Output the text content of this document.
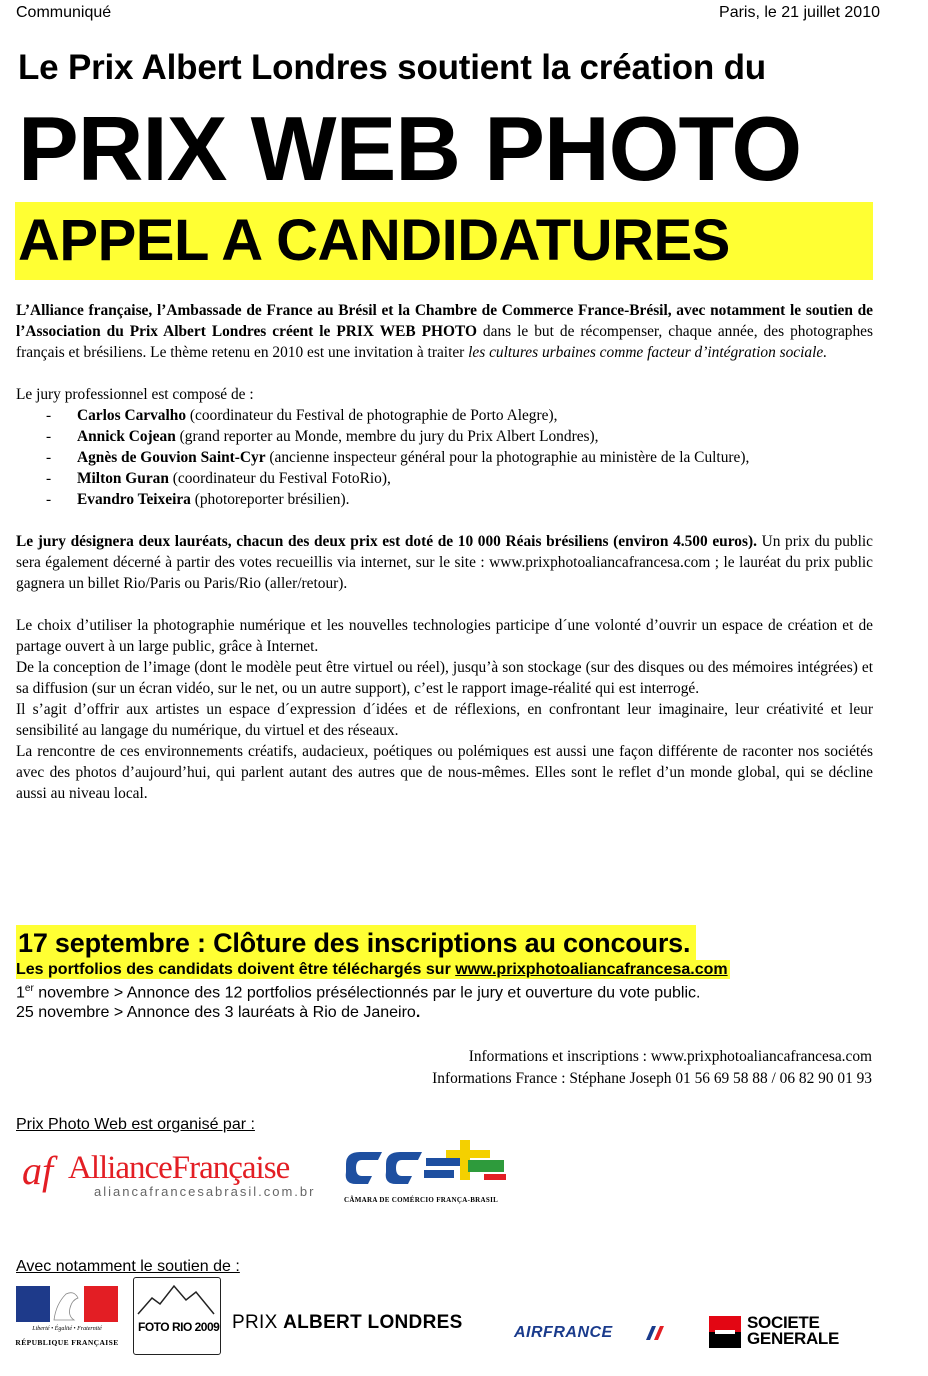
Communiqué	Paris, le 21 juillet 2010
Le Prix Albert Londres soutient la création du
PRIX WEB PHOTO
APPEL A CANDIDATURES

L’Alliance française, l’Ambassade de France au Brésil et la Chambre de Commerce France-Brésil, avec notamment le soutien de l’Association du Prix Albert Londres créent le PRIX WEB PHOTO dans le but de récompenser, chaque année, des photographes français et brésiliens. Le thème retenu en 2010 est une invitation à traiter les cultures urbaines comme facteur d’intégration sociale.

Le jury professionnel est composé de :

- Carlos Carvalho (coordinateur du Festival de photographie de Porto Alegre),
- Annick Cojean (grand reporter au Monde, membre du jury du Prix Albert Londres),
- Agnès de Gouvion Saint-Cyr (ancienne inspecteur général pour la photographie au ministère de la Culture),
- Milton Guran (coordinateur du Festival FotoRio),
- Evandro Teixeira (photoreporter brésilien).

Le jury désignera deux lauréats, chacun des deux prix est doté de 10 000 Réais brésiliens (environ 4.500 euros). Un prix du public sera également décerné à partir des votes recueillis via internet, sur le site : www.prixphotoaliancafrancesa.com ; le lauréat du prix public gagnera un billet Rio/Paris ou Paris/Rio (aller/retour).

Le choix d’utiliser la photographie numérique et les nouvelles technologies participe d´une volonté d’ouvrir un espace de création et de partage ouvert à un large public, grâce à Internet.

De la conception de l’image (dont le modèle peut être virtuel ou réel), jusqu’à son stockage (sur des disques ou des mémoires intégrées) et sa diffusion (sur un écran vidéo, sur le net, ou un autre support), c’est le rapport image-réalité qui est interrogé.

Il s’agit d’offrir aux artistes un espace d´expression d´idées et de réflexions, en confrontant leur imaginaire, leur créativité et leur sensibilité au langage du numérique, du virtuel et des réseaux.

La rencontre de ces environnements créatifs, audacieux, poétiques ou polémiques est aussi une façon différente de raconter nos sociétés avec des photos d’aujourd’hui, qui parlent autant des autres que de nous-mêmes. Elles sont le reflet d’un monde global, qui se décline aussi au niveau local.

17 septembre : Clôture des inscriptions au concours.
Les portfolios des candidats doivent être téléchargés sur www.prixphotoaliancafrancesa.com
1er novembre > Annonce des 12 portfolios présélectionnés par le jury et ouverture du vote public.
25 novembre > Annonce des 3 lauréats à Rio de Janeiro.
Informations et inscriptions : www.prixphotoaliancafrancesa.com
Informations France : Stéphane Joseph 01 56 69 58 88 / 06 82 90 01 93
Prix Photo Web est organisé par :
af AllianceFrançaise
aliancafrancesabrasil.com.br
CÂMARA DE COMÉRCIO FRANÇA-BRASIL
Avec notamment le soutien de :
Liberté • Égalité • Fraternité
RÉPUBLIQUE FRANÇAISE
FOTO RIO 2009 PRIX ALBERT LONDRES	AIRFRANCE
SOCIETE
GENERALE
